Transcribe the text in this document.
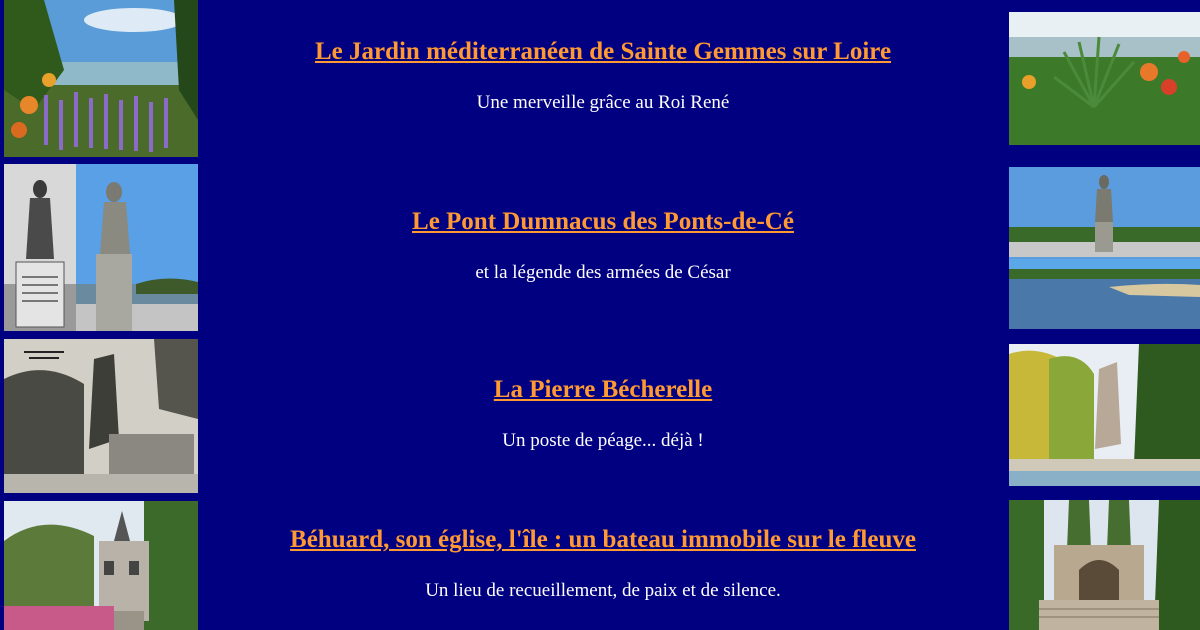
Le Jardin méditerranéen de Sainte Gemmes sur Loire
Une merveille grâce au Roi René
Le Pont Dumnacus des Ponts-de-Cé
et la légende des armées de César
La Pierre Bécherelle
Un poste de péage... déjà !
Béhuard, son église, l'île : un bateau immobile sur le fleuve
Un lieu de recueillement, de paix et de silence.
